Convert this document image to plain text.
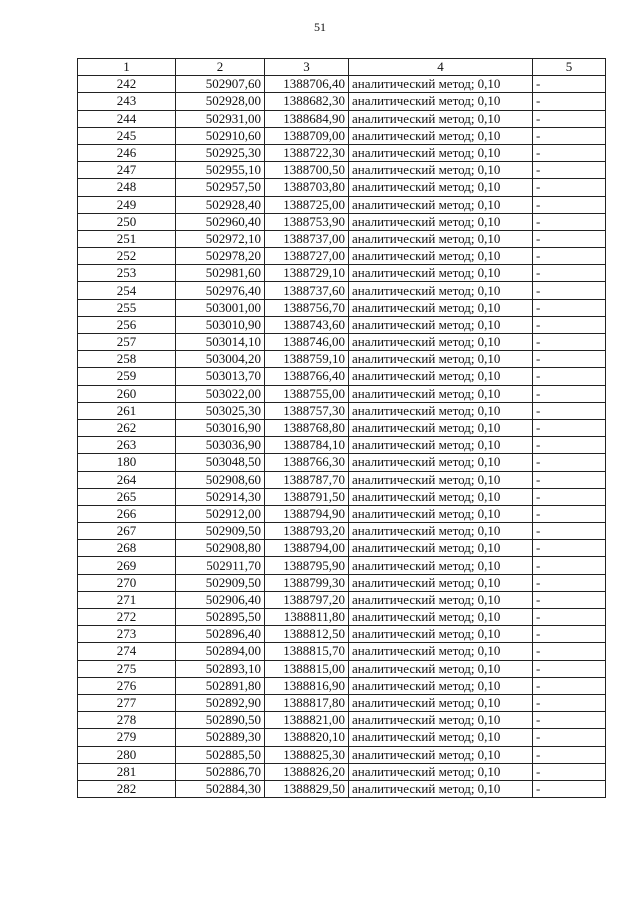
51
1	2	3	4	5
242	502907,60	1388706,40	аналитический метод; 0,10	-
243	502928,00	1388682,30	аналитический метод; 0,10	-
244	502931,00	1388684,90	аналитический метод; 0,10	-
245	502910,60	1388709,00	аналитический метод; 0,10	-
246	502925,30	1388722,30	аналитический метод; 0,10	-
247	502955,10	1388700,50	аналитический метод; 0,10	-
248	502957,50	1388703,80	аналитический метод; 0,10	-
249	502928,40	1388725,00	аналитический метод; 0,10	-
250	502960,40	1388753,90	аналитический метод; 0,10	-
251	502972,10	1388737,00	аналитический метод; 0,10	-
252	502978,20	1388727,00	аналитический метод; 0,10	-
253	502981,60	1388729,10	аналитический метод; 0,10	-
254	502976,40	1388737,60	аналитический метод; 0,10	-
255	503001,00	1388756,70	аналитический метод; 0,10	-
256	503010,90	1388743,60	аналитический метод; 0,10	-
257	503014,10	1388746,00	аналитический метод; 0,10	-
258	503004,20	1388759,10	аналитический метод; 0,10	-
259	503013,70	1388766,40	аналитический метод; 0,10	-
260	503022,00	1388755,00	аналитический метод; 0,10	-
261	503025,30	1388757,30	аналитический метод; 0,10	-
262	503016,90	1388768,80	аналитический метод; 0,10	-
263	503036,90	1388784,10	аналитический метод; 0,10	-
180	503048,50	1388766,30	аналитический метод; 0,10	-
264	502908,60	1388787,70	аналитический метод; 0,10	-
265	502914,30	1388791,50	аналитический метод; 0,10	-
266	502912,00	1388794,90	аналитический метод; 0,10	-
267	502909,50	1388793,20	аналитический метод; 0,10	-
268	502908,80	1388794,00	аналитический метод; 0,10	-
269	502911,70	1388795,90	аналитический метод; 0,10	-
270	502909,50	1388799,30	аналитический метод; 0,10	-
271	502906,40	1388797,20	аналитический метод; 0,10	-
272	502895,50	1388811,80	аналитический метод; 0,10	-
273	502896,40	1388812,50	аналитический метод; 0,10	-
274	502894,00	1388815,70	аналитический метод; 0,10	-
275	502893,10	1388815,00	аналитический метод; 0,10	-
276	502891,80	1388816,90	аналитический метод; 0,10	-
277	502892,90	1388817,80	аналитический метод; 0,10	-
278	502890,50	1388821,00	аналитический метод; 0,10	-
279	502889,30	1388820,10	аналитический метод; 0,10	-
280	502885,50	1388825,30	аналитический метод; 0,10	-
281	502886,70	1388826,20	аналитический метод; 0,10	-
282	502884,30	1388829,50	аналитический метод; 0,10	-
